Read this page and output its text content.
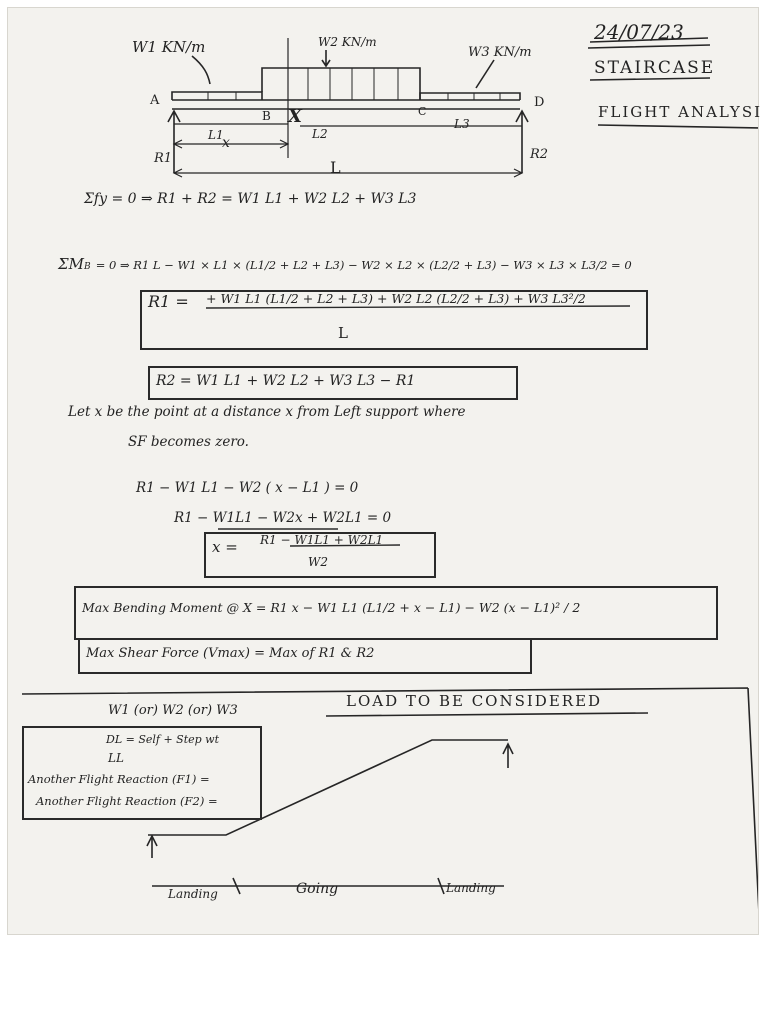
24/07/23
STAIRCASE
FLIGHT ANALYSI
W1 KN/m	W2 KN/m
W3 KN/m
A
B	C
D
X
L1	L2
L3
x
L
R1	R2
Σfy = 0 ⇒ R1 + R2 = W1 L1 + W2 L2 + W3 L3
ΣMB = 0 ⇒ R1 L − W1 × L1 × (L1/2 + L2 + L3) − W2 × L2 × (L2/2 + L3) − W3 × L3 × L3/2 = 0
R1 = + W1 L1 (L1/2 + L2 + L3) + W2 L2 (L2/2 + L3) + W3 L3²/2
L
R2 = W1 L1 + W2 L2 + W3 L3 − R1
Let x be the point at a distance x from Left support where
SF becomes zero.
R1 − W1 L1 − W2 ( x − L1 ) = 0
R1 − W1L1 − W2x + W2L1 = 0
x = R1 − W1L1 + W2L1
W2
Max Bending Moment @ X = R1 x − W1 L1 (L1/2 + x − L1) − W2 (x − L1)² / 2
Max Shear Force (Vmax) = Max of R1 & R2
LOAD TO BE CONSIDERED
W1 (or) W2 (or) W3
DL = Self + Step wt
LL
Another Flight Reaction (F1) =
Another Flight Reaction (F2) =
Landing	Going	Landing
